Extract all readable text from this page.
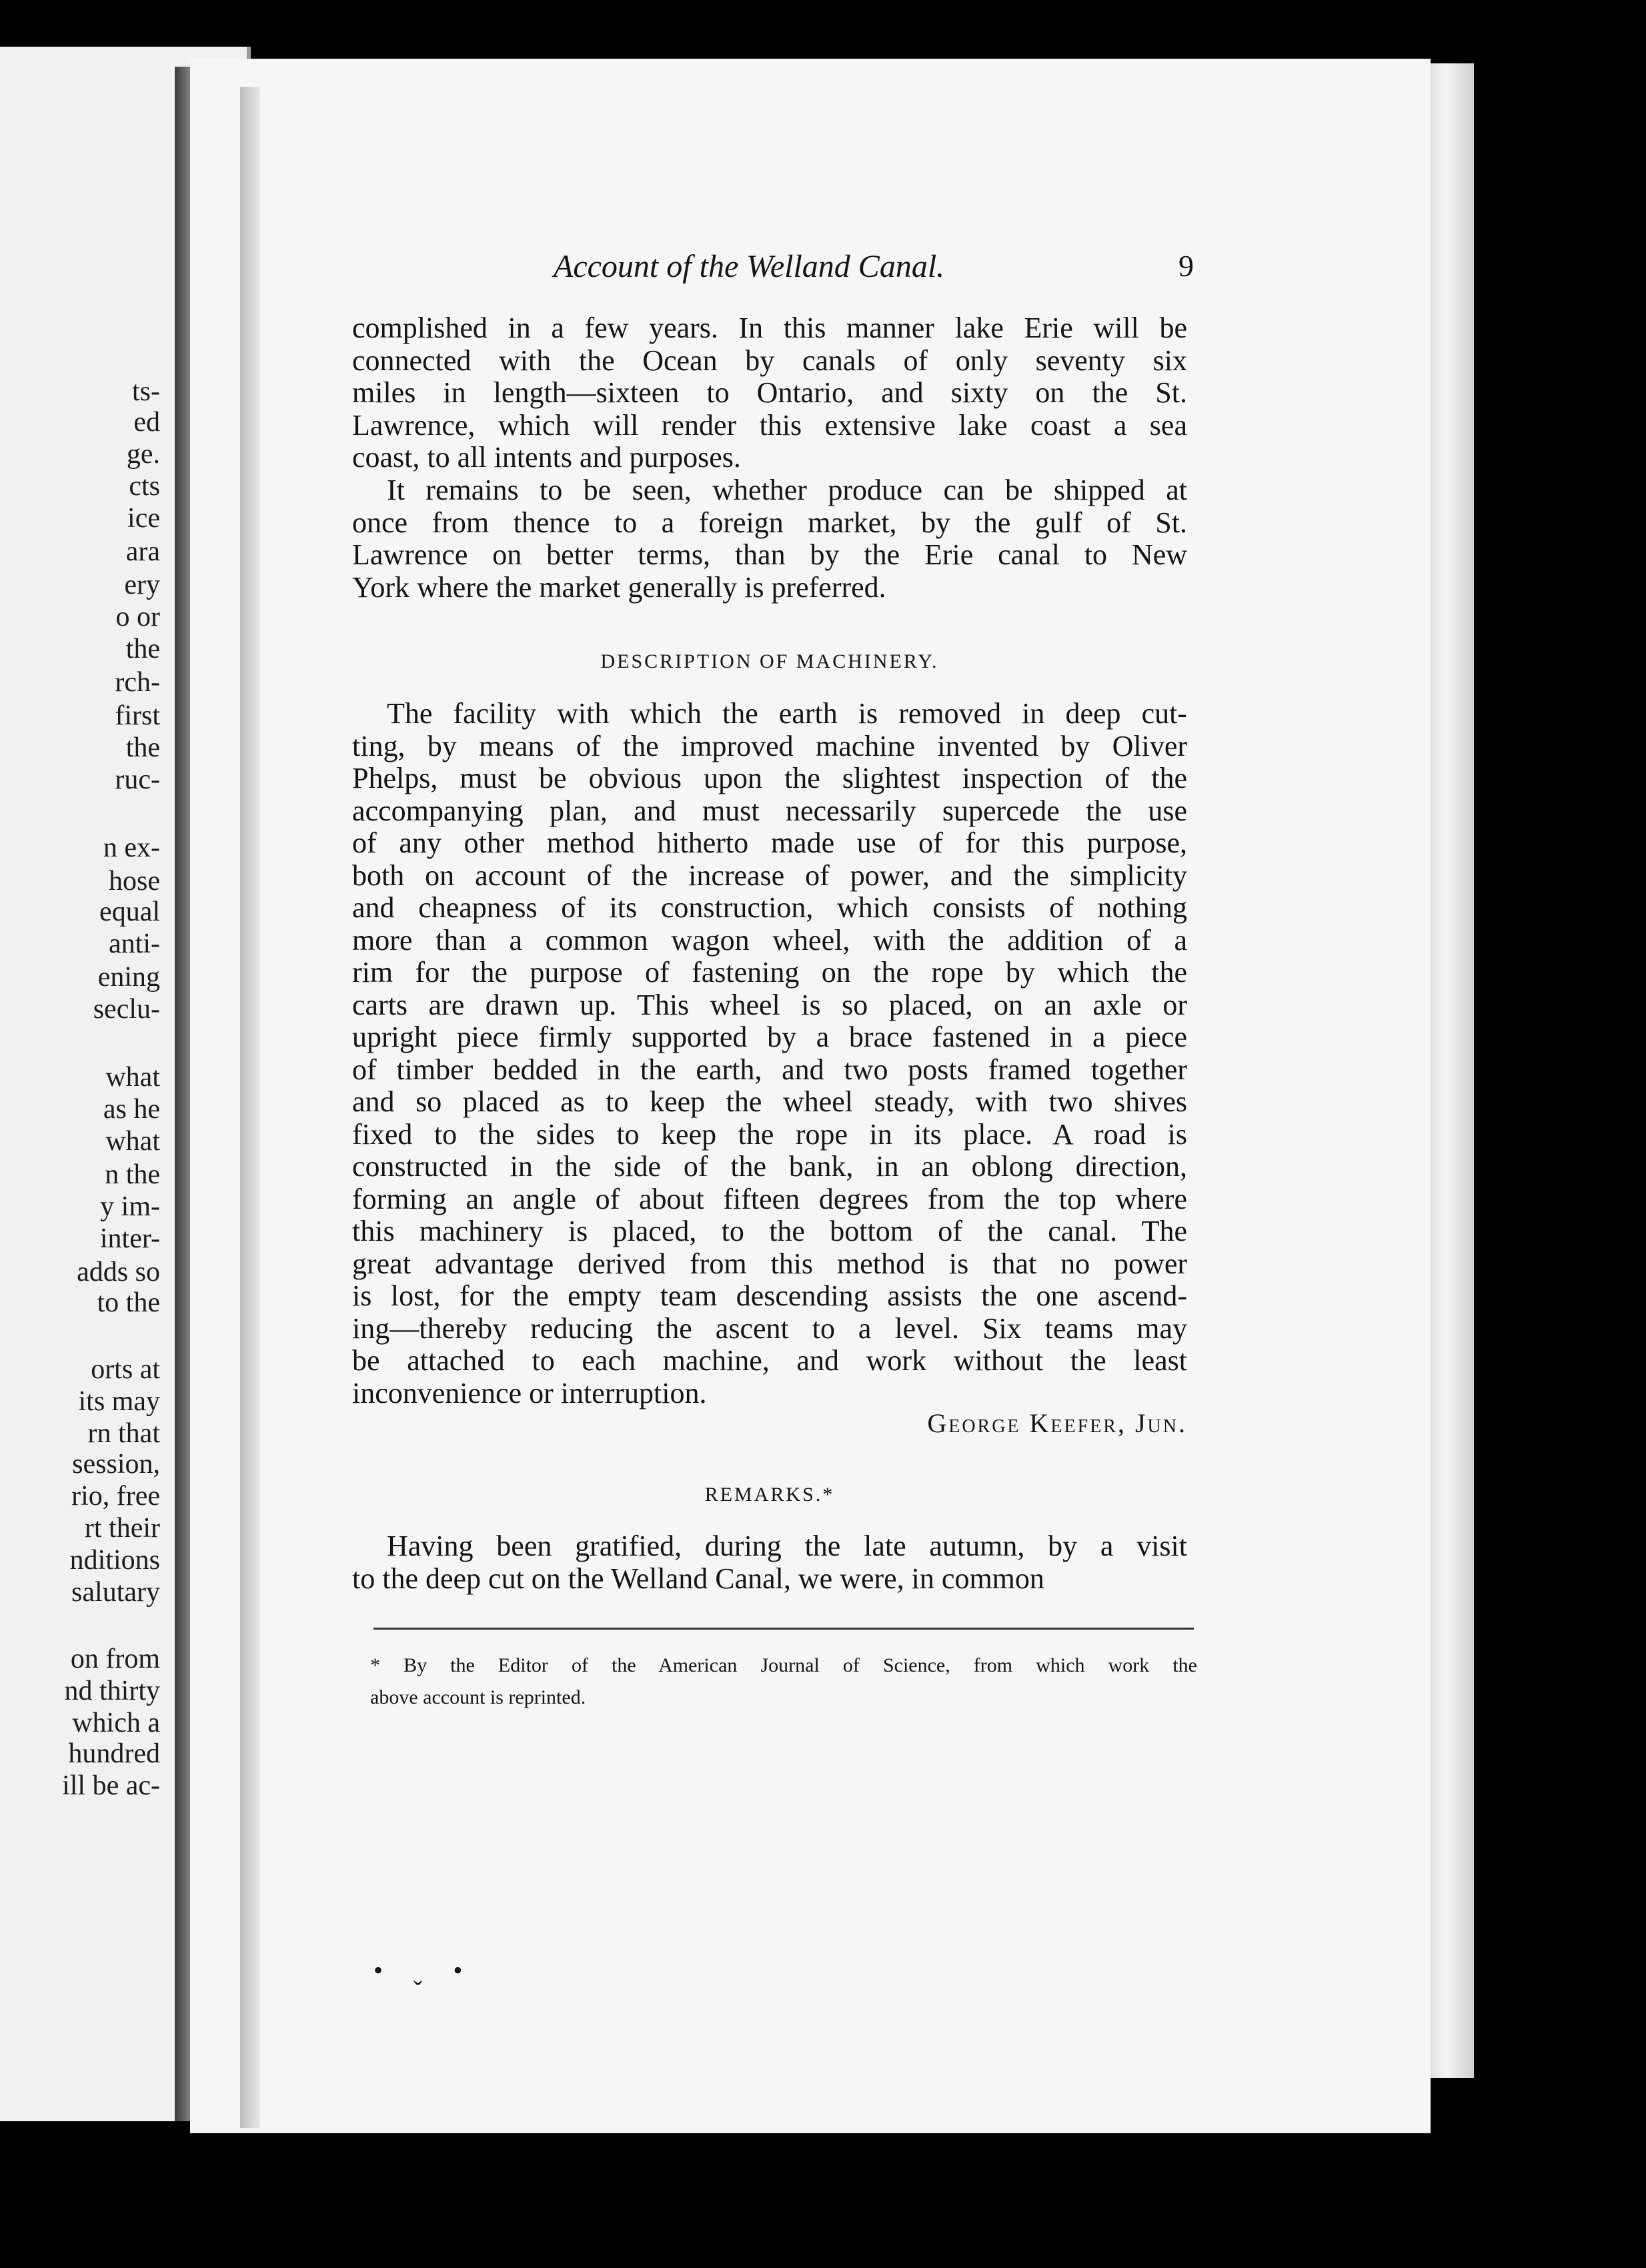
ts-
ed
ge.
cts
ice
ara
ery
o or
the
rch-
first
the
ruc-
n ex-
hose
equal
anti-
ening
seclu-
what
as he
what
n the
y im-
inter-
adds so
to the
orts at
its may
rn that
session,
rio, free
rt their
nditions
salutary
on from
nd thirty
which a
hundred
ill be ac-
Account of the Welland Canal.	9
complished in a few years. In this manner lake Erie will be
connected with the Ocean by canals of only seventy six
miles in length—sixteen to Ontario, and sixty on the St.
Lawrence, which will render this extensive lake coast a sea
coast, to all intents and purposes.
It remains to be seen, whether produce can be shipped at
once from thence to a foreign market, by the gulf of St.
Lawrence on better terms, than by the Erie canal to New
York where the market generally is preferred.
DESCRIPTION OF MACHINERY.
The facility with which the earth is removed in deep cut-
ting, by means of the improved machine invented by Oliver
Phelps, must be obvious upon the slightest inspection of the
accompanying plan, and must necessarily supercede the use
of any other method hitherto made use of for this purpose,
both on account of the increase of power, and the simplicity
and cheapness of its construction, which consists of nothing
more than a common wagon wheel, with the addition of a
rim for the purpose of fastening on the rope by which the
carts are drawn up. This wheel is so placed, on an axle or
upright piece firmly supported by a brace fastened in a piece
of timber bedded in the earth, and two posts framed together
and so placed as to keep the wheel steady, with two shives
fixed to the sides to keep the rope in its place. A road is
constructed in the side of the bank, in an oblong direction,
forming an angle of about fifteen degrees from the top where
this machinery is placed, to the bottom of the canal. The
great advantage derived from this method is that no power
is lost, for the empty team descending assists the one ascend-
ing—thereby reducing the ascent to a level. Six teams may
be attached to each machine, and work without the least
inconvenience or interruption.
George Keefer, Jun.
REMARKS.*
Having been gratified, during the late autumn, by a visit
to the deep cut on the Welland Canal, we were, in common
* By the Editor of the American Journal of Science, from which work the
above account is reprinted.
• ˬ •
